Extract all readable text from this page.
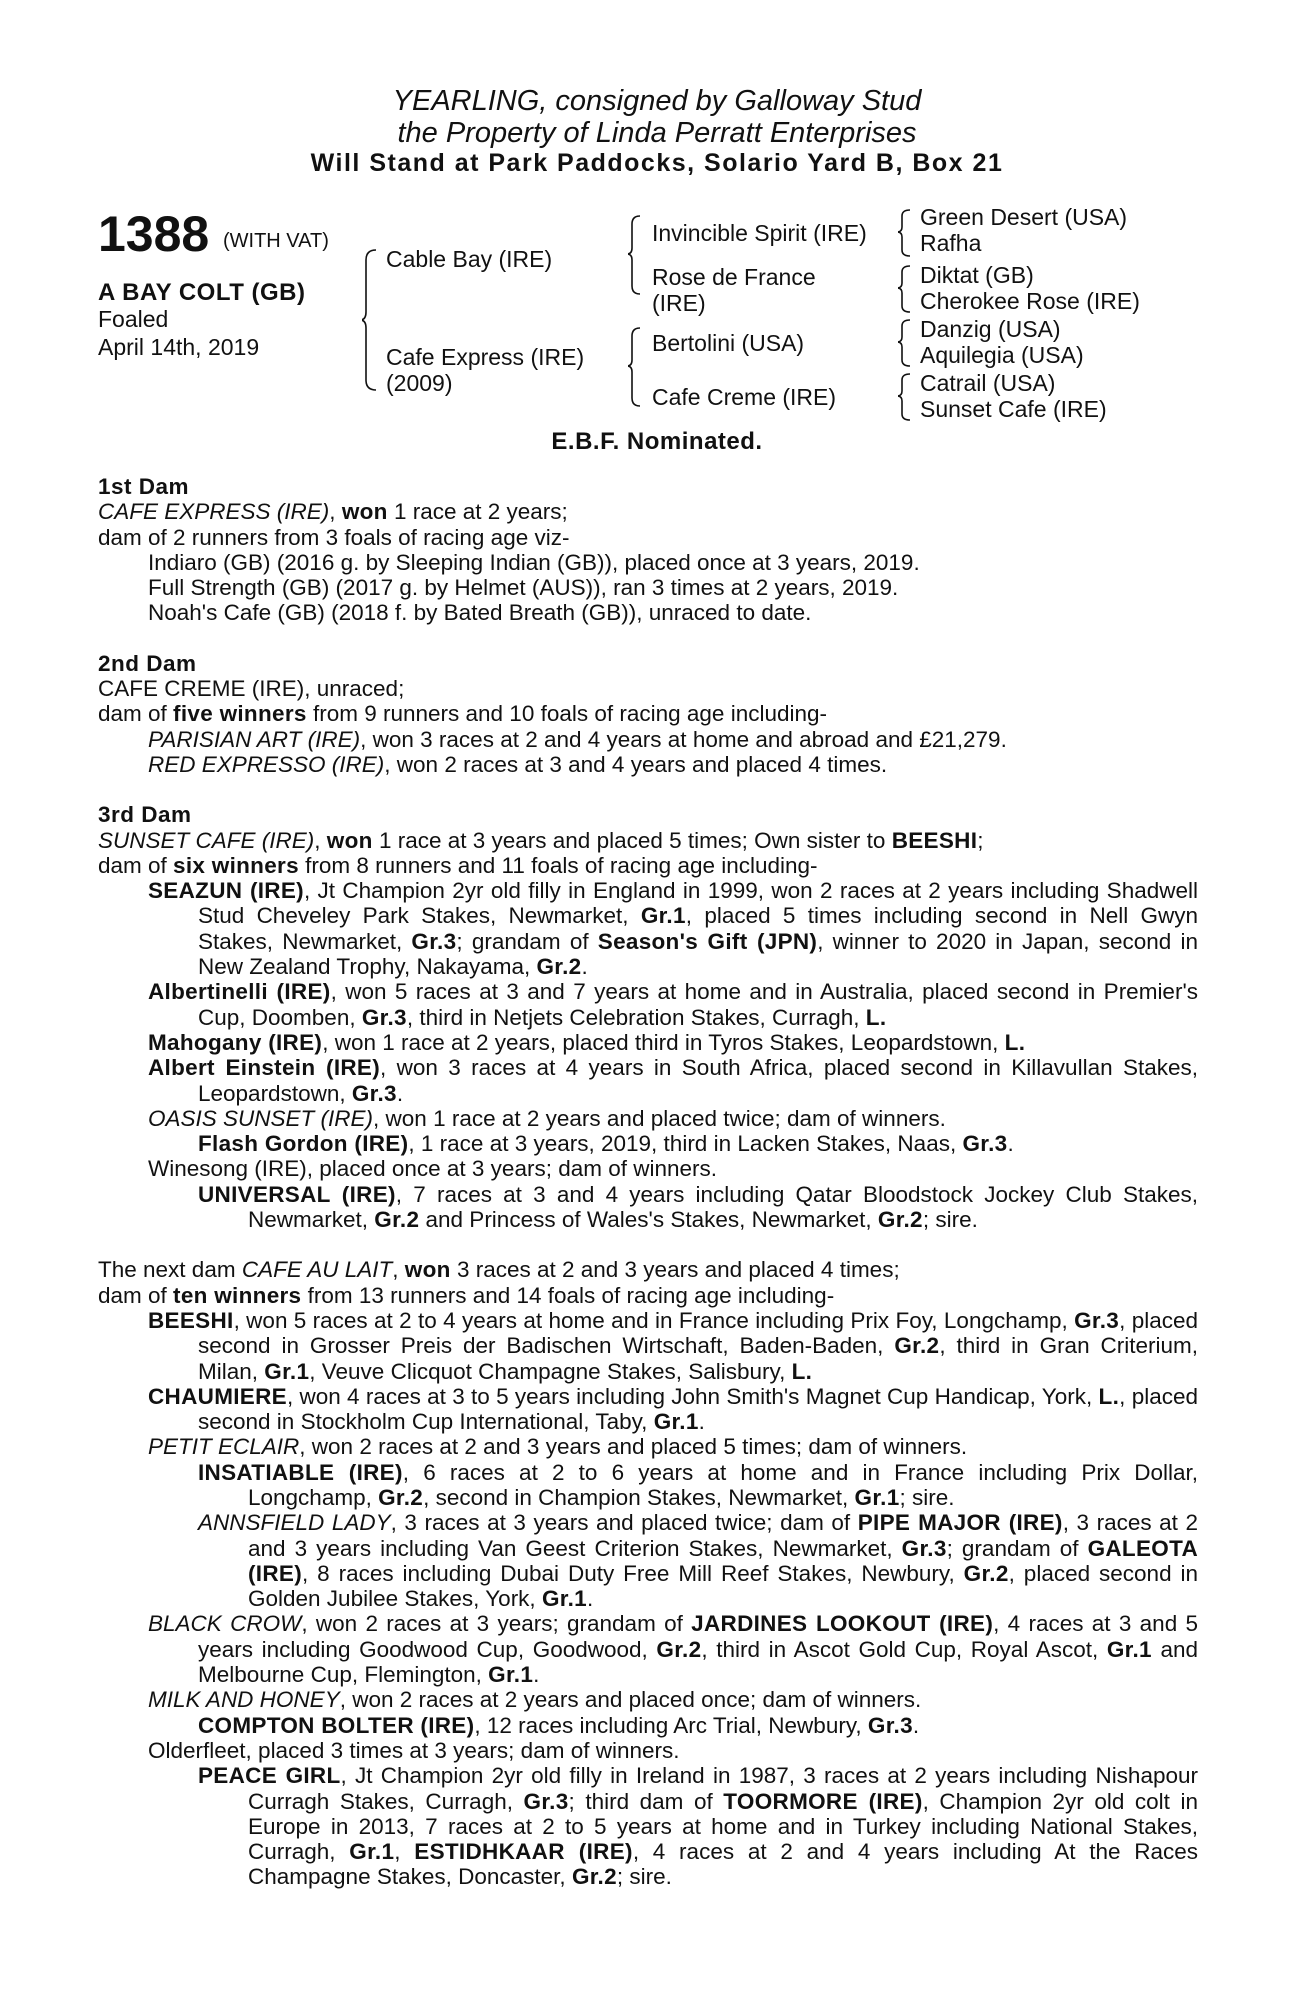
YEARLING, consigned by Galloway Stud
the Property of Linda Perratt Enterprises
Will Stand at Park Paddocks, Solario Yard B, Box 21
1388 (WITH VAT)
A BAY COLT (GB)
Foaled
April 14th, 2019
Cable Bay (IRE)
Cafe Express (IRE)
(2009)
Invincible Spirit (IRE)
Rose de France
(IRE)
Bertolini (USA)
Cafe Creme (IRE)
Green Desert (USA)
Rafha
Diktat (GB)
Cherokee Rose (IRE)
Danzig (USA)
Aquilegia (USA)
Catrail (USA)
Sunset Cafe (IRE)
E.B.F. Nominated.
1st Dam
CAFE EXPRESS (IRE), won 1 race at 2 years;
dam of 2 runners from 3 foals of racing age viz-
Indiaro (GB) (2016 g. by Sleeping Indian (GB)), placed once at 3 years, 2019.
Full Strength (GB) (2017 g. by Helmet (AUS)), ran 3 times at 2 years, 2019.
Noah's Cafe (GB) (2018 f. by Bated Breath (GB)), unraced to date.
2nd Dam
CAFE CREME (IRE), unraced;
dam of five winners from 9 runners and 10 foals of racing age including-
PARISIAN ART (IRE), won 3 races at 2 and 4 years at home and abroad and £21,279.
RED EXPRESSO (IRE), won 2 races at 3 and 4 years and placed 4 times.
3rd Dam
SUNSET CAFE (IRE), won 1 race at 3 years and placed 5 times; Own sister to BEESHI;
dam of six winners from 8 runners and 11 foals of racing age including-
SEAZUN (IRE), Jt Champion 2yr old filly in England in 1999, won 2 races at 2 years including Shadwell Stud Cheveley Park Stakes, Newmarket, Gr.1, placed 5 times including second in Nell Gwyn Stakes, Newmarket, Gr.3; grandam of Season's Gift (JPN), winner to 2020 in Japan, second in New Zealand Trophy, Nakayama, Gr.2.
Albertinelli (IRE), won 5 races at 3 and 7 years at home and in Australia, placed second in Premier's Cup, Doomben, Gr.3, third in Netjets Celebration Stakes, Curragh, L.
Mahogany (IRE), won 1 race at 2 years, placed third in Tyros Stakes, Leopardstown, L.
Albert Einstein (IRE), won 3 races at 4 years in South Africa, placed second in Killavullan Stakes, Leopardstown, Gr.3.
OASIS SUNSET (IRE), won 1 race at 2 years and placed twice; dam of winners.
Flash Gordon (IRE), 1 race at 3 years, 2019, third in Lacken Stakes, Naas, Gr.3.
Winesong (IRE), placed once at 3 years; dam of winners.
UNIVERSAL (IRE), 7 races at 3 and 4 years including Qatar Bloodstock Jockey Club Stakes, Newmarket, Gr.2 and Princess of Wales's Stakes, Newmarket, Gr.2; sire.
The next dam CAFE AU LAIT, won 3 races at 2 and 3 years and placed 4 times;
dam of ten winners from 13 runners and 14 foals of racing age including-
BEESHI, won 5 races at 2 to 4 years at home and in France including Prix Foy, Longchamp, Gr.3, placed second in Grosser Preis der Badischen Wirtschaft, Baden-Baden, Gr.2, third in Gran Criterium, Milan, Gr.1, Veuve Clicquot Champagne Stakes, Salisbury, L.
CHAUMIERE, won 4 races at 3 to 5 years including John Smith's Magnet Cup Handicap, York, L., placed second in Stockholm Cup International, Taby, Gr.1.
PETIT ECLAIR, won 2 races at 2 and 3 years and placed 5 times; dam of winners.
INSATIABLE (IRE), 6 races at 2 to 6 years at home and in France including Prix Dollar, Longchamp, Gr.2, second in Champion Stakes, Newmarket, Gr.1; sire.
ANNSFIELD LADY, 3 races at 3 years and placed twice; dam of PIPE MAJOR (IRE), 3 races at 2 and 3 years including Van Geest Criterion Stakes, Newmarket, Gr.3; grandam of GALEOTA (IRE), 8 races including Dubai Duty Free Mill Reef Stakes, Newbury, Gr.2, placed second in Golden Jubilee Stakes, York, Gr.1.
BLACK CROW, won 2 races at 3 years; grandam of JARDINES LOOKOUT (IRE), 4 races at 3 and 5 years including Goodwood Cup, Goodwood, Gr.2, third in Ascot Gold Cup, Royal Ascot, Gr.1 and Melbourne Cup, Flemington, Gr.1.
MILK AND HONEY, won 2 races at 2 years and placed once; dam of winners.
COMPTON BOLTER (IRE), 12 races including Arc Trial, Newbury, Gr.3.
Olderfleet, placed 3 times at 3 years; dam of winners.
PEACE GIRL, Jt Champion 2yr old filly in Ireland in 1987, 3 races at 2 years including Nishapour Curragh Stakes, Curragh, Gr.3; third dam of TOORMORE (IRE), Champion 2yr old colt in Europe in 2013, 7 races at 2 to 5 years at home and in Turkey including National Stakes, Curragh, Gr.1, ESTIDHKAAR (IRE), 4 races at 2 and 4 years including At the Races Champagne Stakes, Doncaster, Gr.2; sire.
